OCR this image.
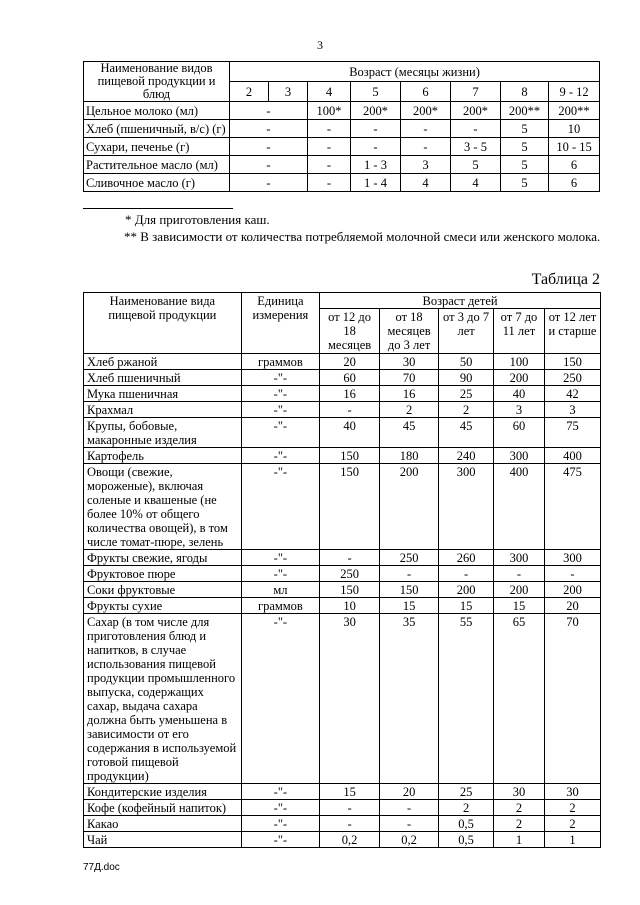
3
Наименование видов пищевой продукции и блюд	Возраст (месяцы жизни)							
	2	3	4	5	6	7	8	9 - 12
Цельное молоко (мл)	-		100*	200*	200*	200*	200**	200**
Хлеб (пшеничный, в/с) (г)	-		-	-	-	-	5	10
Сухари, печенье (г)	-		-	-	-	3 - 5	5	10 - 15
Растительное масло (мл)	-		-	1 - 3	3	5	5	6
Сливочное масло (г)	-		-	1 - 4	4	4	5	6
* Для приготовления каш.
** В зависимости от количества потребляемой молочной смеси или женского молока.
Таблица 2
Наименование вида пищевой продукции	Единица измерения	Возраст детей				
		от 12 до 18 месяцев	от 18 месяцев до 3 лет	от 3 до 7 лет	от 7 до 11 лет	от 12 лет и старше
Хлеб ржаной	граммов	20	30	50	100	150
Хлеб пшеничный	-"-	60	70	90	200	250
Мука пшеничная	-"-	16	16	25	40	42
Крахмал	-"-	-	2	2	3	3
Крупы, бобовые, макаронные изделия	-"-	40	45	45	60	75
Картофель	-"-	150	180	240	300	400
Овощи (свежие, мороженые), включая соленые и квашеные (не более 10% от общего количества овощей), в том числе томат-пюре, зелень	-"-	150	200	300	400	475
Фрукты свежие, ягоды	-"-	-	250	260	300	300
Фруктовое пюре	-"-	250	-	-	-	-
Соки фруктовые	мл	150	150	200	200	200
Фрукты сухие	граммов	10	15	15	15	20
Сахар (в том числе для приготовления блюд и напитков, в случае использования пищевой продукции промышленного выпуска, содержащих сахар, выдача сахара должна быть уменьшена в зависимости от его содержания в используемой готовой пищевой продукции)	-"-	30	35	55	65	70
Кондитерские изделия	-"-	15	20	25	30	30
Кофе (кофейный напиток)	-"-	-	-	2	2	2
Какао	-"-	-	-	0,5	2	2
Чай	-"-	0,2	0,2	0,5	1	1
77Д.doc
